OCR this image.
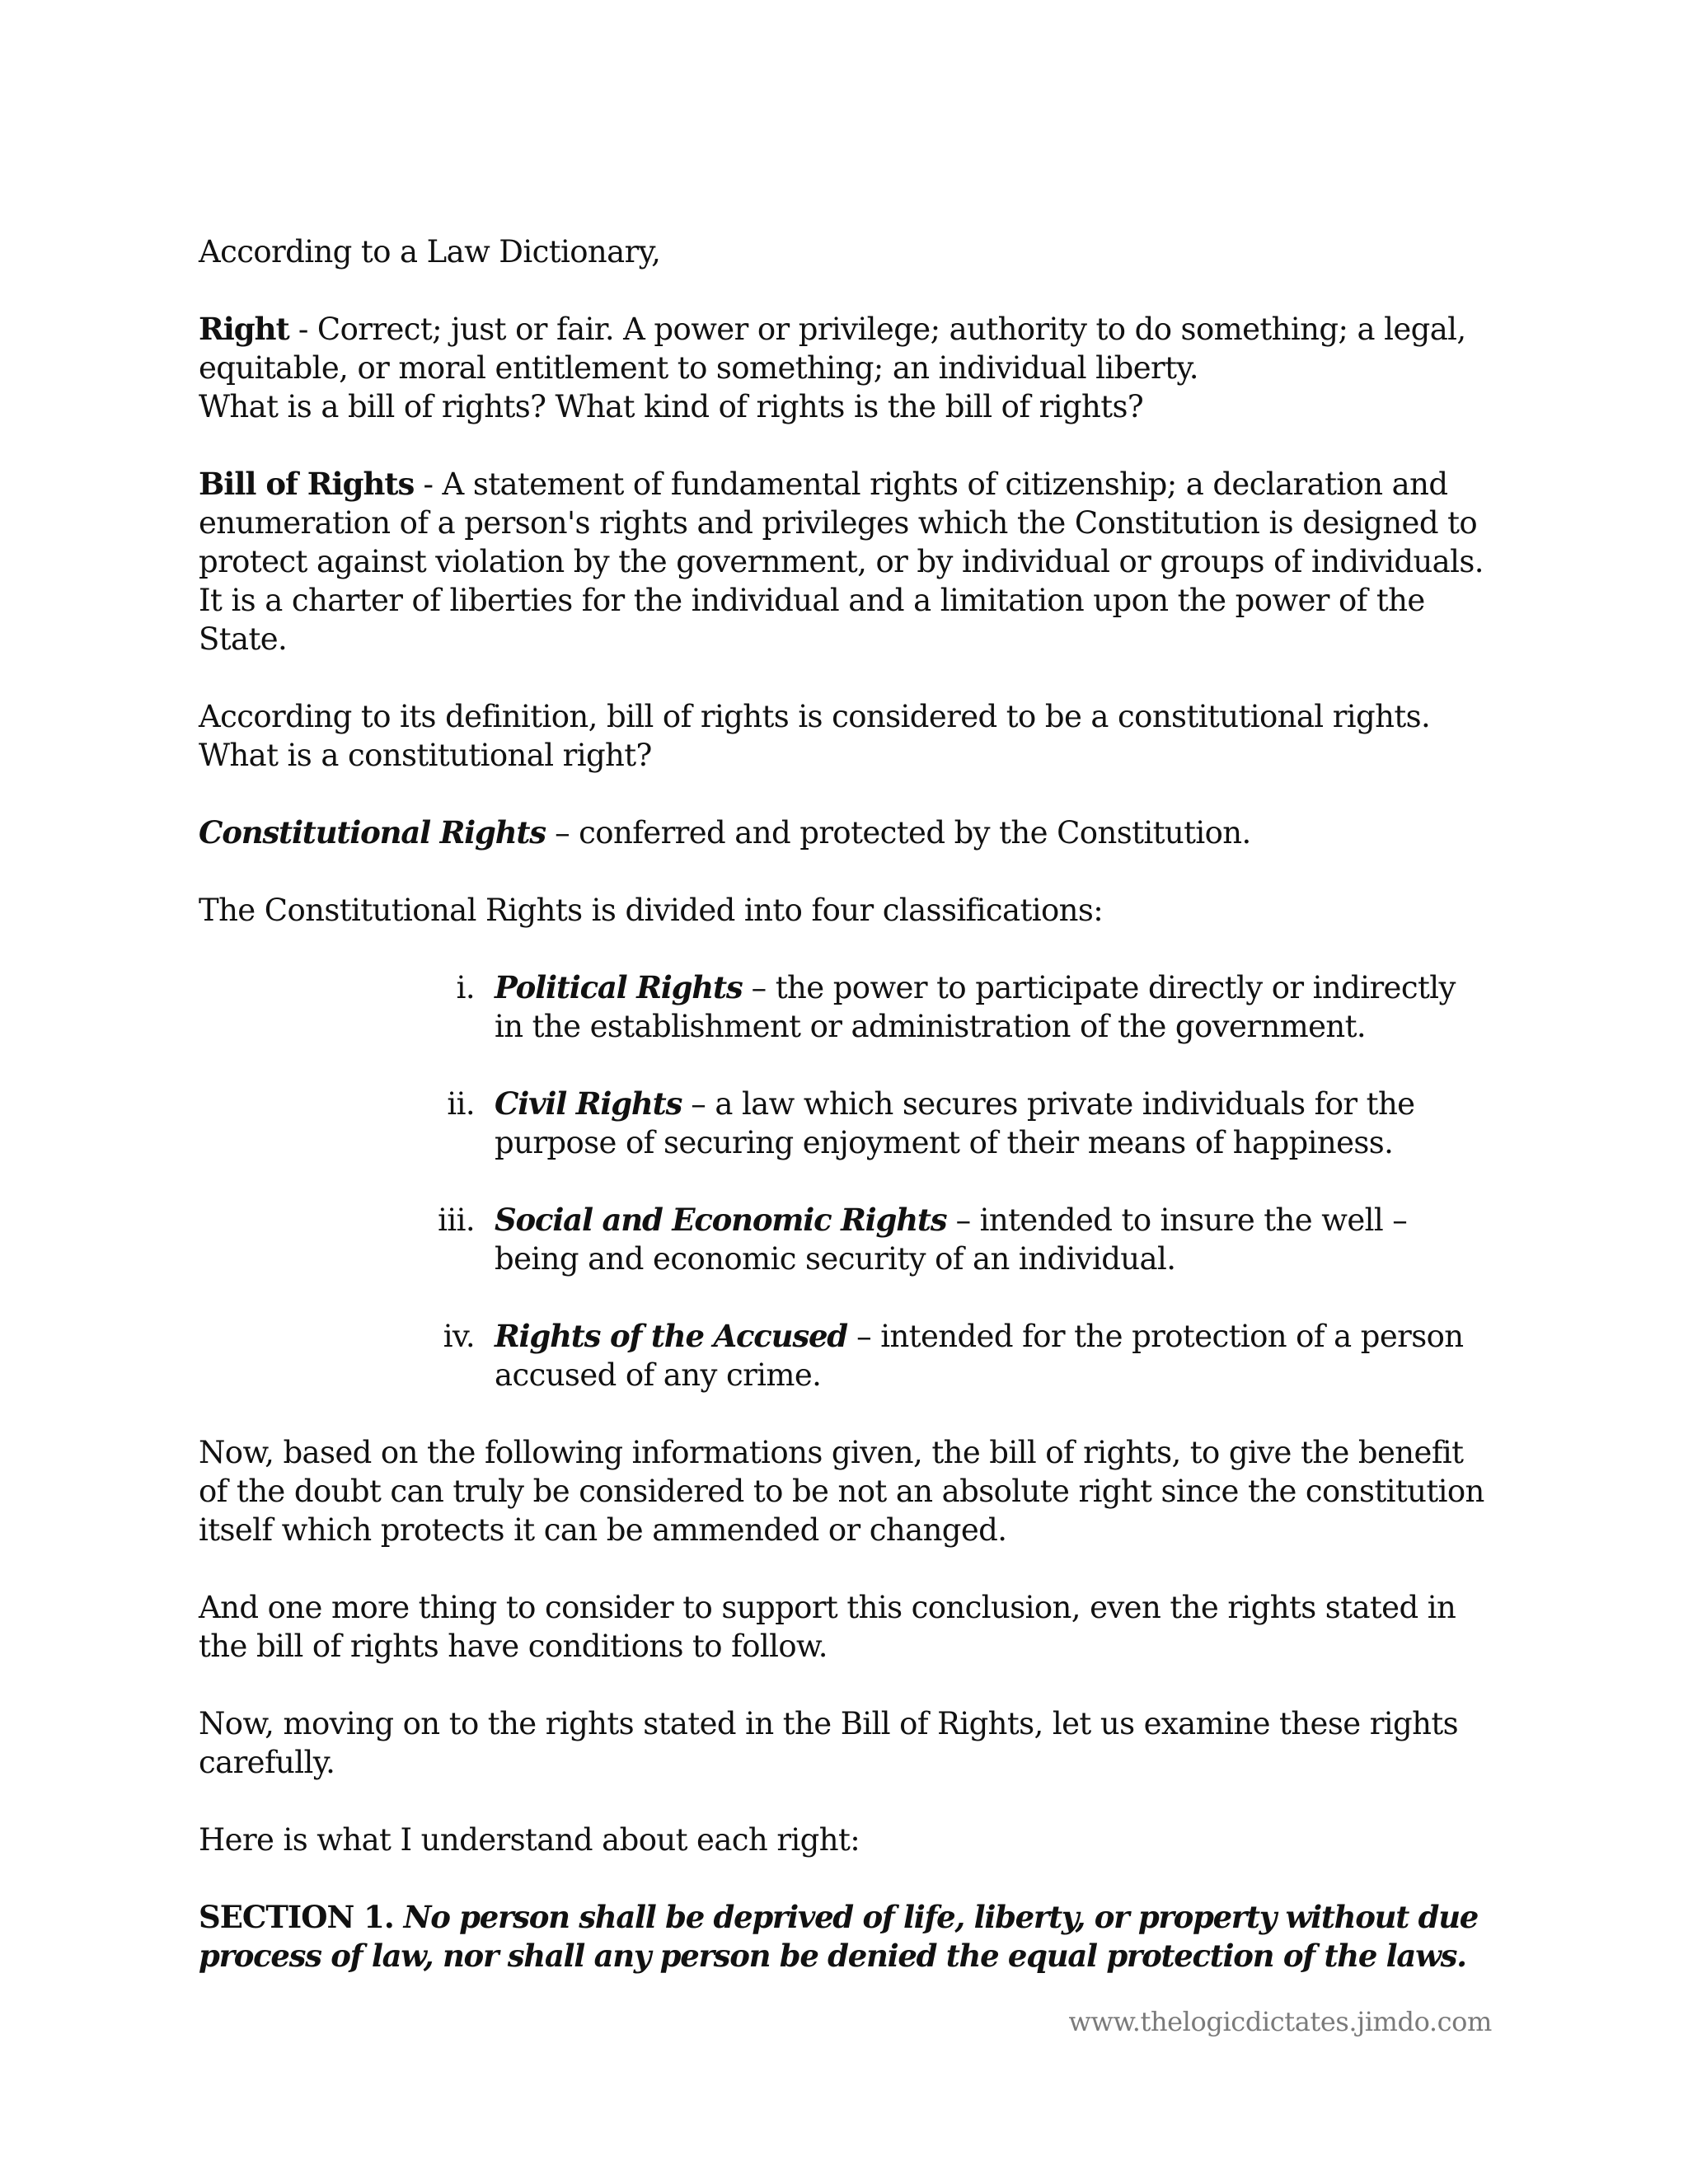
According to a Law Dictionary,

Right - Correct; just or fair. A power or privilege; authority to do something; a legal, equitable, or moral entitlement to something; an individual liberty.
What is a bill of rights? What kind of rights is the bill of rights?

Bill of Rights - A statement of fundamental rights of citizenship; a declaration and enumeration of a person's rights and privileges which the Constitution is designed to protect against violation by the government, or by individual or groups of individuals. It is a charter of liberties for the individual and a limitation upon the power of the State.

According to its definition, bill of rights is considered to be a constitutional rights. What is a constitutional right?

Constitutional Rights – conferred and protected by the Constitution.

The Constitutional Rights is divided into four classifications:

i. Political Rights – the power to participate directly or indirectly in the establishment or administration of the government.
ii. Civil Rights – a law which secures private individuals for the purpose of securing enjoyment of their means of happiness.
iii. Social and Economic Rights – intended to insure the well – being and economic security of an individual.
iv. Rights of the Accused – intended for the protection of a person accused of any crime.

Now, based on the following informations given, the bill of rights, to give the benefit of the doubt can truly be considered to be not an absolute right since the constitution itself which protects it can be ammended or changed.

And one more thing to consider to support this conclusion, even the rights stated in the bill of rights have conditions to follow.

Now, moving on to the rights stated in the Bill of Rights, let us examine these rights carefully.

Here is what I understand about each right:

SECTION 1. No person shall be deprived of life, liberty, or property without due process of law, nor shall any person be denied the equal protection of the laws.

www.thelogicdictates.jimdo.com
